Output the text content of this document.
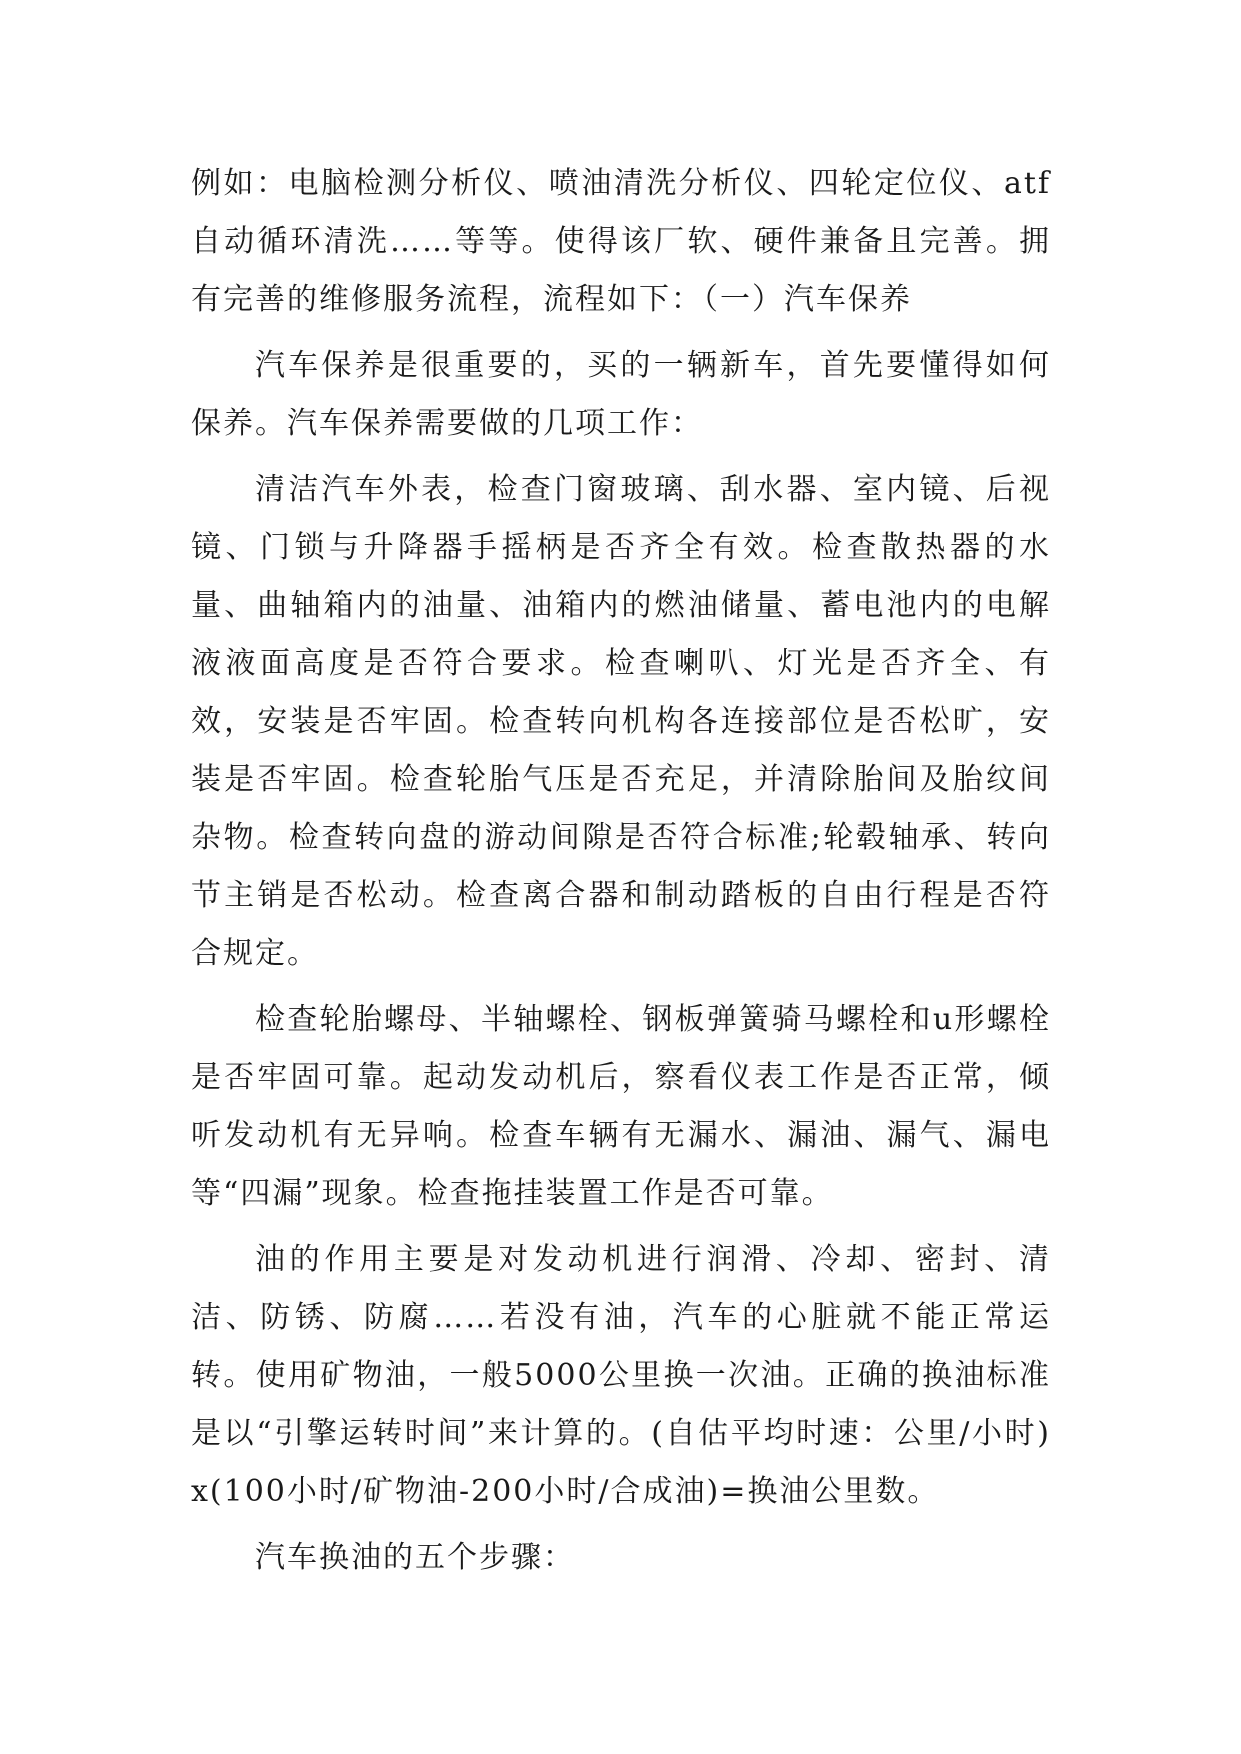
例如：电脑检测分析仪、喷油清洗分析仪、四轮定位仪、atf自动循环清洗……等等。使得该厂软、硬件兼备且完善。拥有完善的维修服务流程，流程如下：（一）汽车保养

汽车保养是很重要的，买的一辆新车，首先要懂得如何保养。汽车保养需要做的几项工作：

清洁汽车外表，检查门窗玻璃、刮水器、室内镜、后视镜、门锁与升降器手摇柄是否齐全有效。检查散热器的水量、曲轴箱内的油量、油箱内的燃油储量、蓄电池内的电解液液面高度是否符合要求。检查喇叭、灯光是否齐全、有效，安装是否牢固。检查转向机构各连接部位是否松旷，安装是否牢固。检查轮胎气压是否充足，并清除胎间及胎纹间杂物。检查转向盘的游动间隙是否符合标准;轮毂轴承、转向节主销是否松动。检查离合器和制动踏板的自由行程是否符合规定。

检查轮胎螺母、半轴螺栓、钢板弹簧骑马螺栓和u形螺栓是否牢固可靠。起动发动机后，察看仪表工作是否正常，倾听发动机有无异响。检查车辆有无漏水、漏油、漏气、漏电等“四漏”现象。检查拖挂装置工作是否可靠。

油的作用主要是对发动机进行润滑、冷却、密封、清洁、防锈、防腐……若没有油，汽车的心脏就不能正常运转。使用矿物油，一般5000公里换一次油。正确的换油标准是以“引擎运转时间”来计算的。(自估平均时速：公里/小时)x(100小时/矿物油-200小时/合成油)=换油公里数。

汽车换油的五个步骤：
